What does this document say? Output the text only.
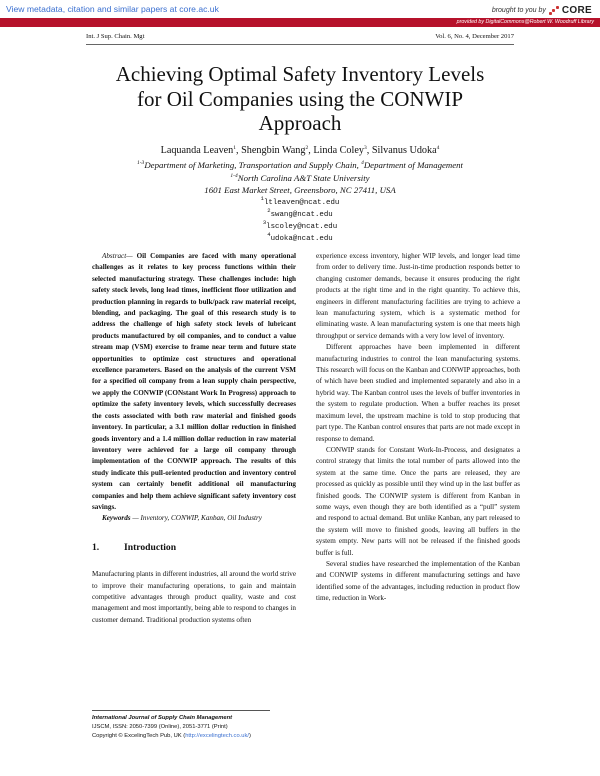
View metadata, citation and similar papers at core.ac.uk	brought to you by CORE
provided by DigitalCommons@Robert W. Woodruff Library
Int. J Sup. Chain. Mgt	Vol. 6, No. 4, December 2017
Achieving Optimal Safety Inventory Levels
for Oil Companies using the CONWIP
Approach
Laquanda Leaven$^1$, Shengbin Wang$^2$, Linda Coley$^3$, Silvanus Udoka$^4$
$^{1-3}$Department of Marketing, Transportation and Supply Chain, $^4$Department of Management
$^{1-4}$North Carolina A&T State University
1601 East Market Street, Greensboro, NC 27411, USA
$^1$ltleaven@ncat.edu
$^2$swang@ncat.edu
$^3$lscoley@ncat.edu
$^4$udoka@ncat.edu

Abstract— Oil Companies are faced with many operational challenges as it relates to key process functions within their selected manufacturing strategy. These challenges include: high safety stock levels, long lead times, inefficient floor utilization and production planning in regards to bulk/pack raw material receipt, blending, and packaging. The goal of this research study is to address the challenge of high safety stock levels of lubricant products manufactured by oil companies, and to conduct a value stream map (VSM) exercise to frame near term and future state opportunities to optimize cost structures and operational excellence parameters. Based on the analysis of the current VSM for a specified oil company from a lean supply chain perspective, we apply the CONWIP (CONstant Work In Progress) approach to optimize the safety inventory levels, which successfully decreases the costs associated with both raw material and finished goods inventory. In particular, a 3.1 million dollar reduction in finished goods inventory and a 1.4 million dollar reduction in raw material inventory were achieved for a large oil company through implementation of the CONWIP approach. The results of this study indicate this pull-oriented production and inventory control system can certainly benefit additional oil manufacturing companies and help them achieve significant safety inventory cost savings.

Keywords — Inventory, CONWIP, Kanban, Oil Industry

1.	Introduction

Manufacturing plants in different industries, all around the world strive to improve their manufacturing operations, to gain and maintain competitive advantages through product quality, waste and cost management and most importantly, being able to respond to changes in customer demand. Traditional production systems often

experience excess inventory, higher WIP levels, and longer lead time from order to delivery time. Just-in-time production responds better to changing customer demands, because it ensures producing the right products at the right time and in the right quantity. To achieve this, engineers in different manufacturing facilities are trying to achieve a lean manufacturing system, which is a systematic method for eliminating waste. A lean manufacturing system is one that meets high throughput or service demands with a very low level of inventory.

Different approaches have been implemented in different manufacturing industries to control the lean manufacturing systems. This research will focus on the Kanban and CONWIP approaches, both of which have been studied and implemented separately and also in a hybrid way. The Kanban control uses the levels of buffer inventories in the system to regulate production. When a buffer reaches its preset maximum level, the upstream machine is told to stop producing that part type. The Kanban control ensures that parts are not made except in response to demand.

CONWIP stands for Constant Work-In-Process, and designates a control strategy that limits the total number of parts allowed into the system at the same time. Once the parts are released, they are processed as quickly as possible until they wind up in the last buffer as finished goods. The CONWIP system is different from Kanban in some ways, even though they are both identified as a “pull” system and respond to actual demand. But unlike Kanban, any part released to the system will move to finished goods, leaving all buffers in the system empty. New parts will not be released if the finished goods buffer is full.

Several studies have researched the implementation of the Kanban and CONWIP systems in different manufacturing settings and have identified some of the advantages, including reduction in product flow time, reduction in Work-

International Journal of Supply Chain Management
IJSCM, ISSN: 2050-7399 (Online), 2051-3771 (Print)
Copyright © ExcelingTech Pub, UK (http://excelingtech.co.uk/)
